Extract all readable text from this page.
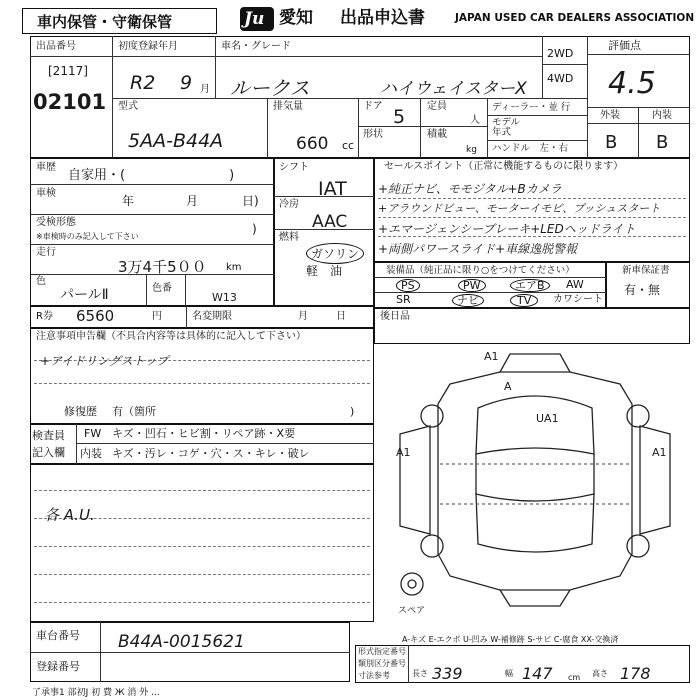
車内保管・守衛保管	Ju 愛知 出品申込書	JAPAN USED CAR DEALERS ASSOCIATION
出品番号
[2117]
02101
初度登録年月
R2 9 月
車名・グレード
ルークス	ハイウェイスターX
2WD
4WD
評価点
4.5
外装	内装
B B
型式
5AA-B44A
排気量
660 cc
ドア 5 定員
人
形状	積載
kg
ディーラー・並 行
モデル
年式
ハンドル　左・右
車歴
自家用・(　　　　　　　　)
車検
年	月	日)
受検形態
※車検時のみ記入して下さい
)
走行
3万4千5００ km
色
パールⅡ	色番
W13
シフト
IAT
冷房
AAC
燃料
ガソリン
軽　油
セールスポイント（正常に機能するものに限ります）
+純正ナビ、モモジタル+Bカメラ
+アラウンドビュー、モーターイモビ、プッシュスタート
+エマージェンシーブレーキ+LEDヘッドライト
+両側パワースライド+車線逸脱警報
装備品（純正品に限り○をつけてください）
PS	PW	エアB	AW
SR	ナビ	TV	カワシート
新車保証書
有・無
R券 6560	円	名変期限	月	日	後日品
注意事項申告欄（不具合内容等は具体的に記入して下さい）
+アイドリングストップ
修復歴 有（箇所	)
検査員
記入欄
FW キズ・凹石・ヒビ割・リペア跡・X要
内装 キズ・汚レ・コゲ・穴・ス・キレ・破レ
各 A.U.
A1
A
UA1
A1	A1
スペア
A-キズ E-エクボ U-凹み W-補修跡 S-サビ C-腐食 XX-交換済
車台番号 B44A-0015621
登録番号
形式指定番号
類別区分番号
寸法参考	長さ 339	幅 147 cm 高さ 178
了承事1 部初J 初 費 Ж 消 外 ...
